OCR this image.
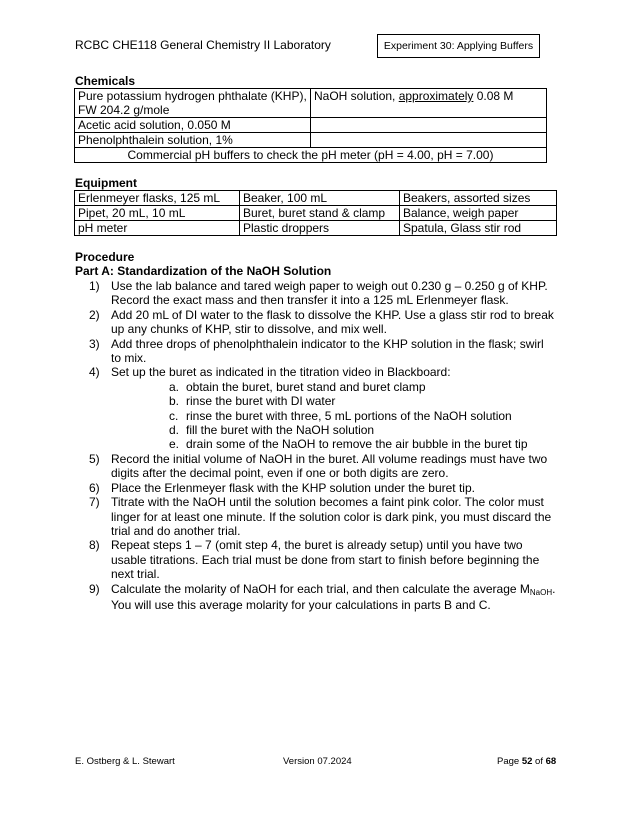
RCBC CHE118 General Chemistry II Laboratory	Experiment 30: Applying Buffers
Chemicals
Pure potassium hydrogen phthalate (KHP), FW 204.2 g/mole	NaOH solution, approximately 0.08 M
Acetic acid solution, 0.050 M	
Phenolphthalein solution, 1%	
Commercial pH buffers to check the pH meter (pH = 4.00, pH = 7.00)	
Equipment
Erlenmeyer flasks, 125 mL	Beaker, 100 mL	Beakers, assorted sizes
Pipet, 20 mL, 10 mL	Buret, buret stand & clamp	Balance, weigh paper
pH meter	Plastic droppers	Spatula, Glass stir rod
Procedure
Part A: Standardization of the NaOH Solution
1) Use the lab balance and tared weigh paper to weigh out 0.230 g – 0.250 g of KHP. Record the exact mass and then transfer it into a 125 mL Erlenmeyer flask.
2) Add 20 mL of DI water to the flask to dissolve the KHP. Use a glass stir rod to break up any chunks of KHP, stir to dissolve, and mix well.
3) Add three drops of phenolphthalein indicator to the KHP solution in the flask; swirl to mix.
4) Set up the buret as indicated in the titration video in Blackboard:
a. obtain the buret, buret stand and buret clamp
b. rinse the buret with DI water
c. rinse the buret with three, 5 mL portions of the NaOH solution
d. fill the buret with the NaOH solution
e. drain some of the NaOH to remove the air bubble in the buret tip
5) Record the initial volume of NaOH in the buret. All volume readings must have two digits after the decimal point, even if one or both digits are zero.
6) Place the Erlenmeyer flask with the KHP solution under the buret tip.
7) Titrate with the NaOH until the solution becomes a faint pink color. The color must linger for at least one minute. If the solution color is dark pink, you must discard the trial and do another trial.
8) Repeat steps 1 – 7 (omit step 4, the buret is already setup) until you have two usable titrations. Each trial must be done from start to finish before beginning the next trial.
9) Calculate the molarity of NaOH for each trial, and then calculate the average $M_{NaOH}$. You will use this average molarity for your calculations in parts B and C.
E. Ostberg & L. Stewart	Version 07.2024	Page 52 of 68
